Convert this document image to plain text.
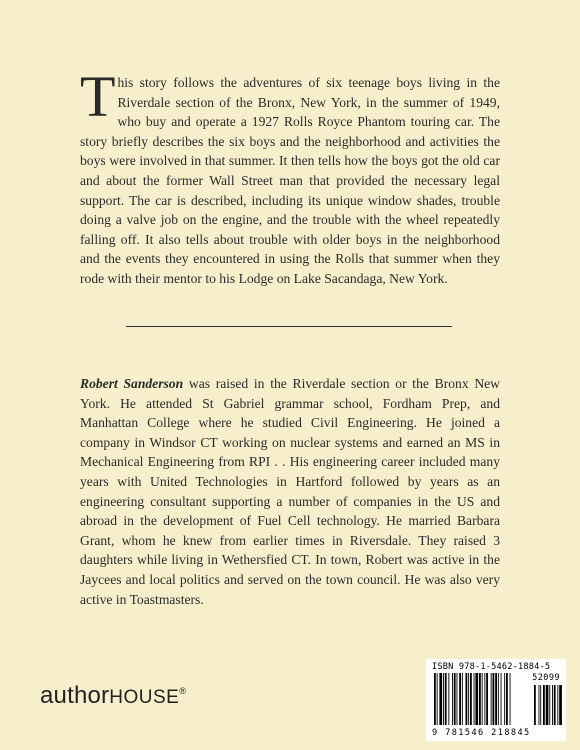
This story follows the adventures of six teenage boys living in the Riverdale section of the Bronx, New York, in the summer of 1949, who buy and operate a 1927 Rolls Royce Phantom touring car. The story briefly describes the six boys and the neighborhood and activities the boys were involved in that summer. It then tells how the boys got the old car and about the former Wall Street man that provided the necessary legal support. The car is described, including its unique window shades, trouble doing a valve job on the engine, and the trouble with the wheel repeatedly falling off. It also tells about trouble with older boys in the neighborhood and the events they encountered in using the Rolls that summer when they rode with their mentor to his Lodge on Lake Sacandaga, New York.
Robert Sanderson was raised in the Riverdale section or the Bronx New York. He attended St Gabriel grammar school, Fordham Prep, and Manhattan College where he studied Civil Engineering. He joined a company in Windsor CT working on nuclear systems and earned an MS in Mechanical Engineering from RPI . . His engineering career included many years with United Technologies in Hartford followed by years as an engineering consultant supporting a number of companies in the US and abroad in the development of Fuel Cell technology. He married Barbara Grant, whom he knew from earlier times in Riversdale. They raised 3 daughters while living in Wethersfied CT. In town, Robert was active in the Jaycees and local politics and served on the town council. He was also very active in Toastmasters.
authorHOUSE®
ISBN 978-1-5462-1884-5
52099
9 781546 218845
